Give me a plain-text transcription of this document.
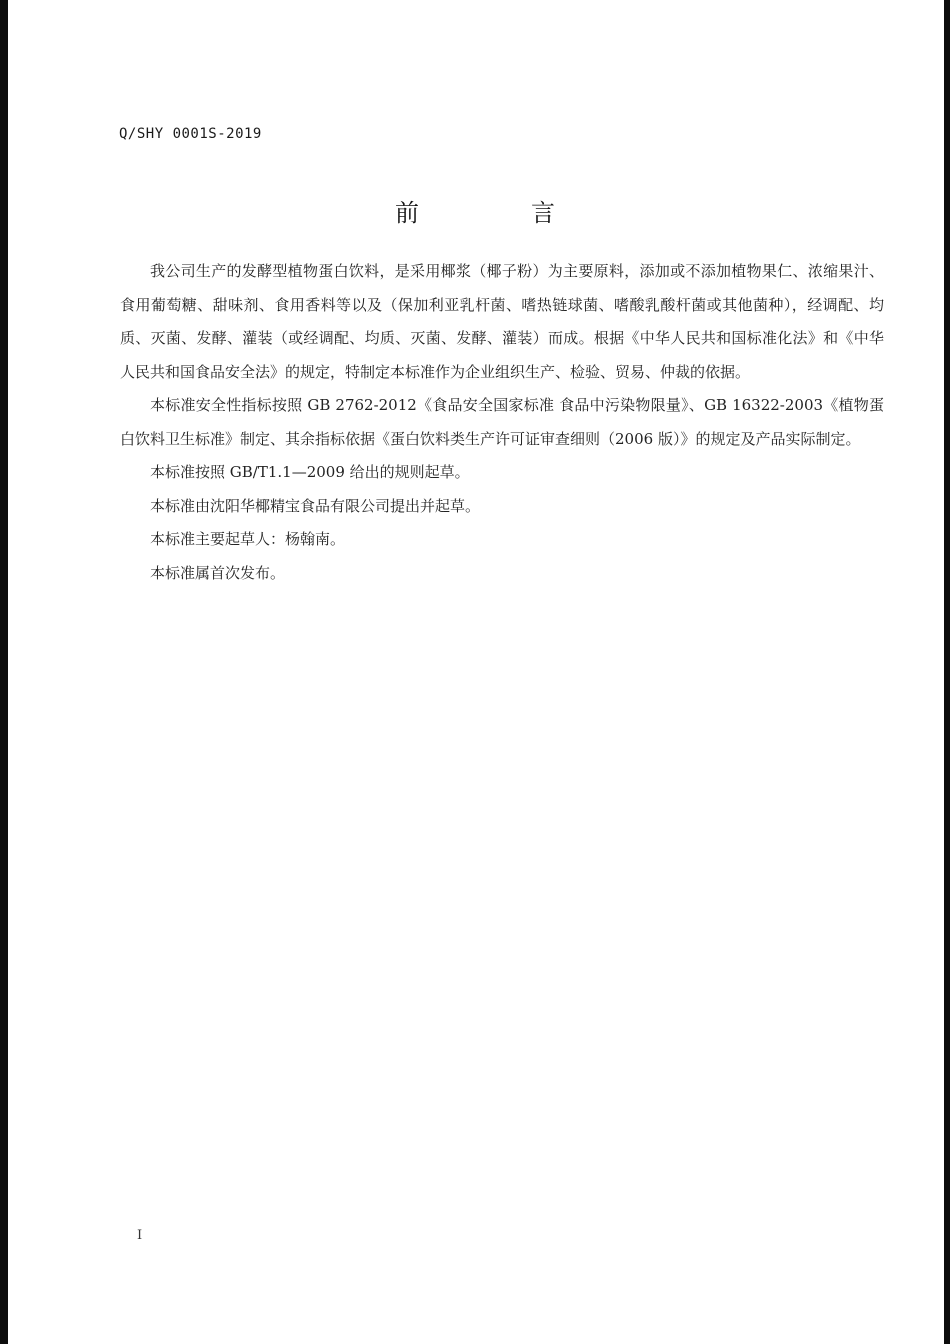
Q/SHY 0001S-2019
前　言

我公司生产的发酵型植物蛋白饮料，是采用椰浆（椰子粉）为主要原料，添加或不添加植物果仁、浓缩果汁、食用葡萄糖、甜味剂、食用香料等以及（保加利亚乳杆菌、嗜热链球菌、嗜酸乳酸杆菌或其他菌种），经调配、均质、灭菌、发酵、灌装（或经调配、均质、灭菌、发酵、灌装）而成。根据《中华人民共和国标准化法》和《中华人民共和国食品安全法》的规定，特制定本标准作为企业组织生产、检验、贸易、仲裁的依据。

本标准安全性指标按照 GB 2762-2012《食品安全国家标准 食品中污染物限量》、GB 16322-2003《植物蛋白饮料卫生标准》制定、其余指标依据《蛋白饮料类生产许可证审查细则（2006 版）》的规定及产品实际制定。

本标准按照 GB/T1.1—2009 给出的规则起草。

本标准由沈阳华椰精宝食品有限公司提出并起草。

本标准主要起草人：杨翰南。

本标准属首次发布。

I
